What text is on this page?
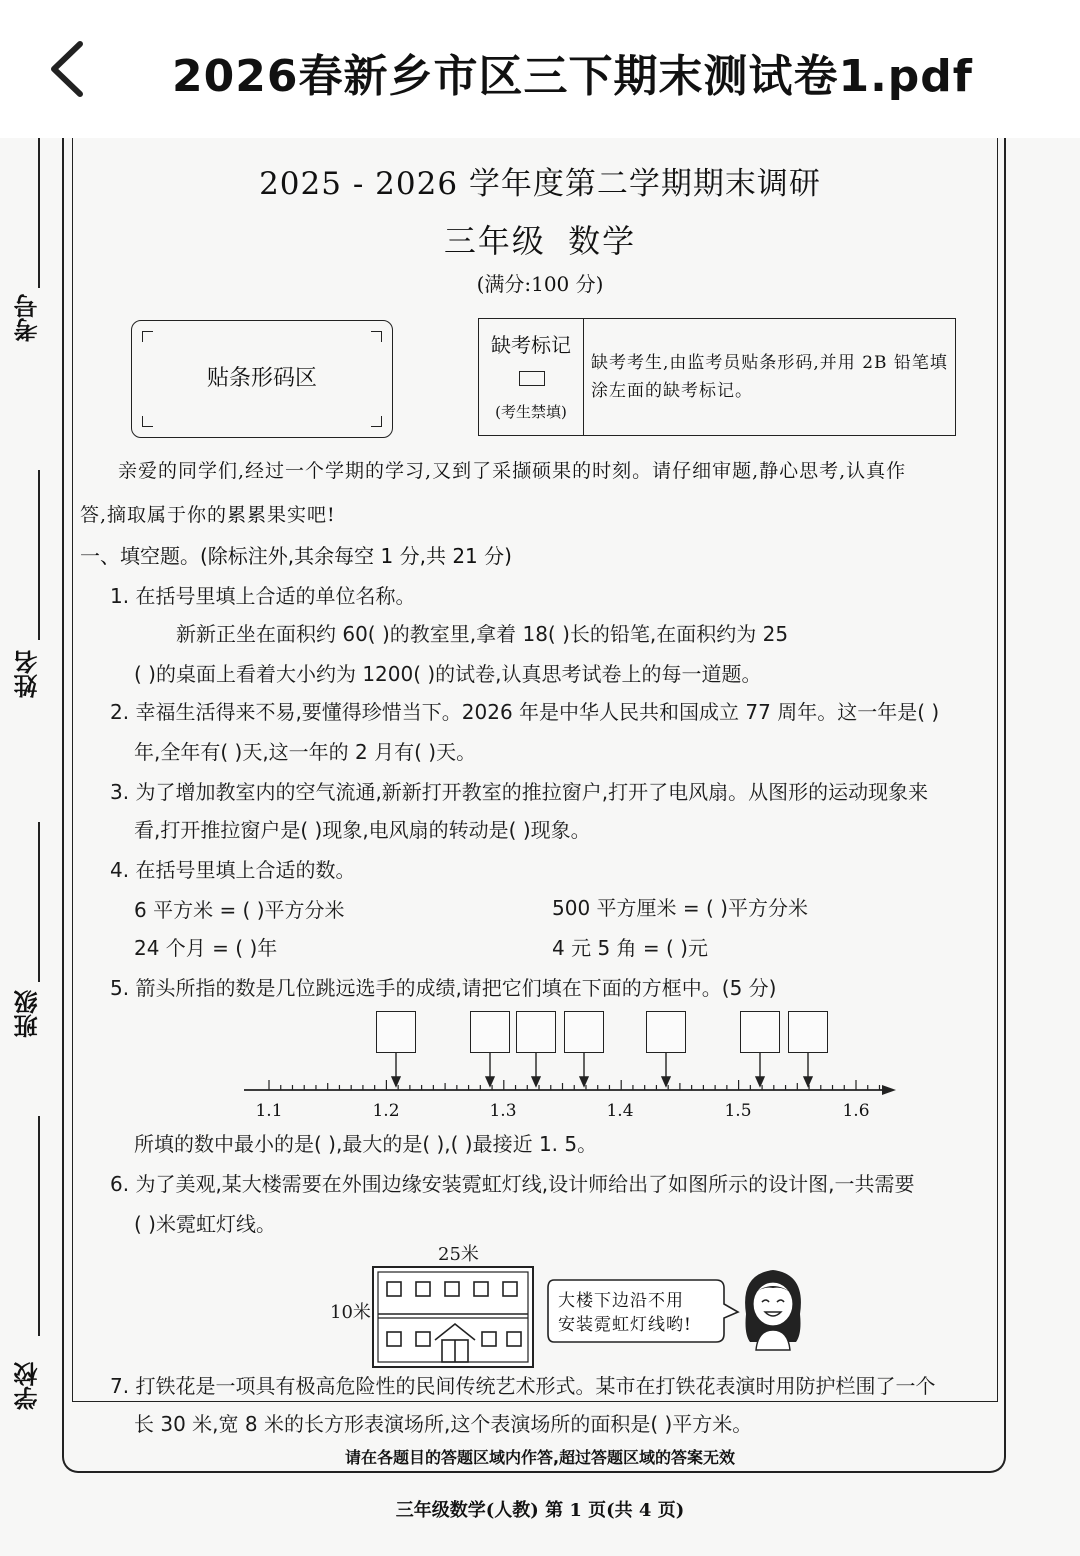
2026春新乡市区三下期末测试卷1.pdf
考号
姓名
班级
学校
2025 - 2026 学年度第二学期期末调研
三年级 数学
(满分:100 分)
贴条形码区
缺考标记
(考生禁填)
缺考考生,由监考员贴条形码,并用 2B 铅笔填涂左面的缺考标记。
亲爱的同学们,经过一个学期的学习,又到了采撷硕果的时刻。请仔细审题,静心思考,认真作
答,摘取属于你的累累果实吧!
一、填空题。(除标注外,其余每空 1 分,共 21 分)
1. 在括号里填上合适的单位名称。
新新正坐在面积约 60( )的教室里,拿着 18( )长的铅笔,在面积约为 25
( )的桌面上看着大小约为 1200( )的试卷,认真思考试卷上的每一道题。
2. 幸福生活得来不易,要懂得珍惜当下。2026 年是中华人民共和国成立 77 周年。这一年是( )
年,全年有( )天,这一年的 2 月有( )天。
3. 为了增加教室内的空气流通,新新打开教室的推拉窗户,打开了电风扇。从图形的运动现象来
看,打开推拉窗户是( )现象,电风扇的转动是( )现象。
4. 在括号里填上合适的数。
6 平方米 = ( )平方分米	500 平方厘米 = ( )平方分米
24 个月 = ( )年	4 元 5 角 = ( )元
5. 箭头所指的数是几位跳远选手的成绩,请把它们填在下面的方框中。(5 分)
1.1	1.2	1.3	1.4	1.5	1.6
所填的数中最小的是( ),最大的是( ),( )最接近 1. 5。
6. 为了美观,某大楼需要在外围边缘安装霓虹灯线,设计师给出了如图所示的设计图,一共需要
( )米霓虹灯线。
25米
10米
大楼下边沿不用
安装霓虹灯线哟!
7. 打铁花是一项具有极高危险性的民间传统艺术形式。某市在打铁花表演时用防护栏围了一个
长 30 米,宽 8 米的长方形表演场所,这个表演场所的面积是( )平方米。
请在各题目的答题区域内作答,超过答题区域的答案无效
三年级数学(人教) 第 1 页(共 4 页)
